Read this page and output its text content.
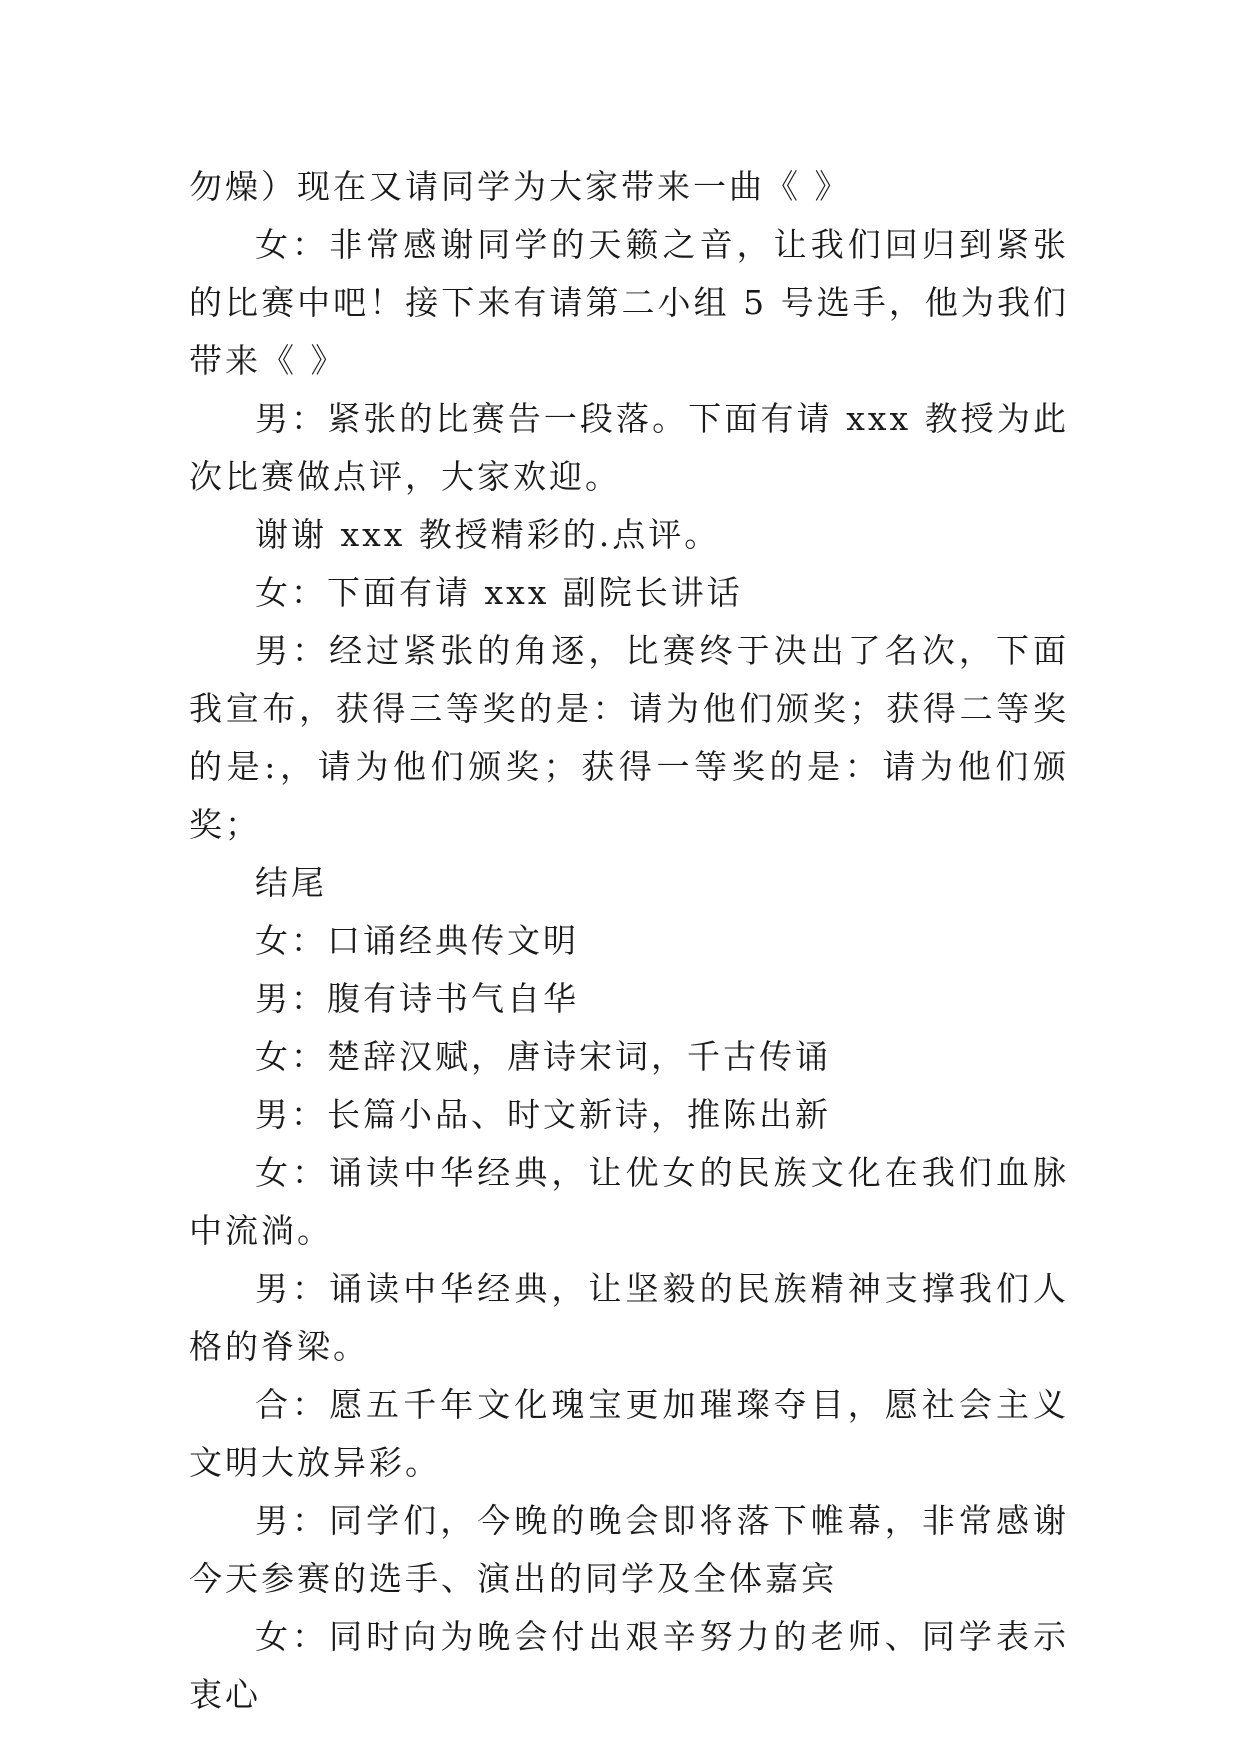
勿燥）现在又请同学为大家带来一曲《 》

女：非常感谢同学的天籁之音，让我们回归到紧张的比赛中吧！接下来有请第二小组 5 号选手，他为我们带来《 》

男：紧张的比赛告一段落。下面有请 xxx 教授为此次比赛做点评，大家欢迎。

谢谢 xxx 教授精彩的.点评。

女：下面有请 xxx 副院长讲话

男：经过紧张的角逐，比赛终于决出了名次，下面我宣布，获得三等奖的是：请为他们颁奖；获得二等奖的是:，请为他们颁奖；获得一等奖的是：请为他们颁奖；

结尾

女：口诵经典传文明

男：腹有诗书气自华

女：楚辞汉赋，唐诗宋词，千古传诵

男：长篇小品、时文新诗，推陈出新

女：诵读中华经典，让优女的民族文化在我们血脉中流淌。

男：诵读中华经典，让坚毅的民族精神支撑我们人格的脊梁。

合：愿五千年文化瑰宝更加璀璨夺目，愿社会主义文明大放异彩。

男：同学们，今晚的晚会即将落下帷幕，非常感谢今天参赛的选手、演出的同学及全体嘉宾

女：同时向为晚会付出艰辛努力的老师、同学表示衷心
